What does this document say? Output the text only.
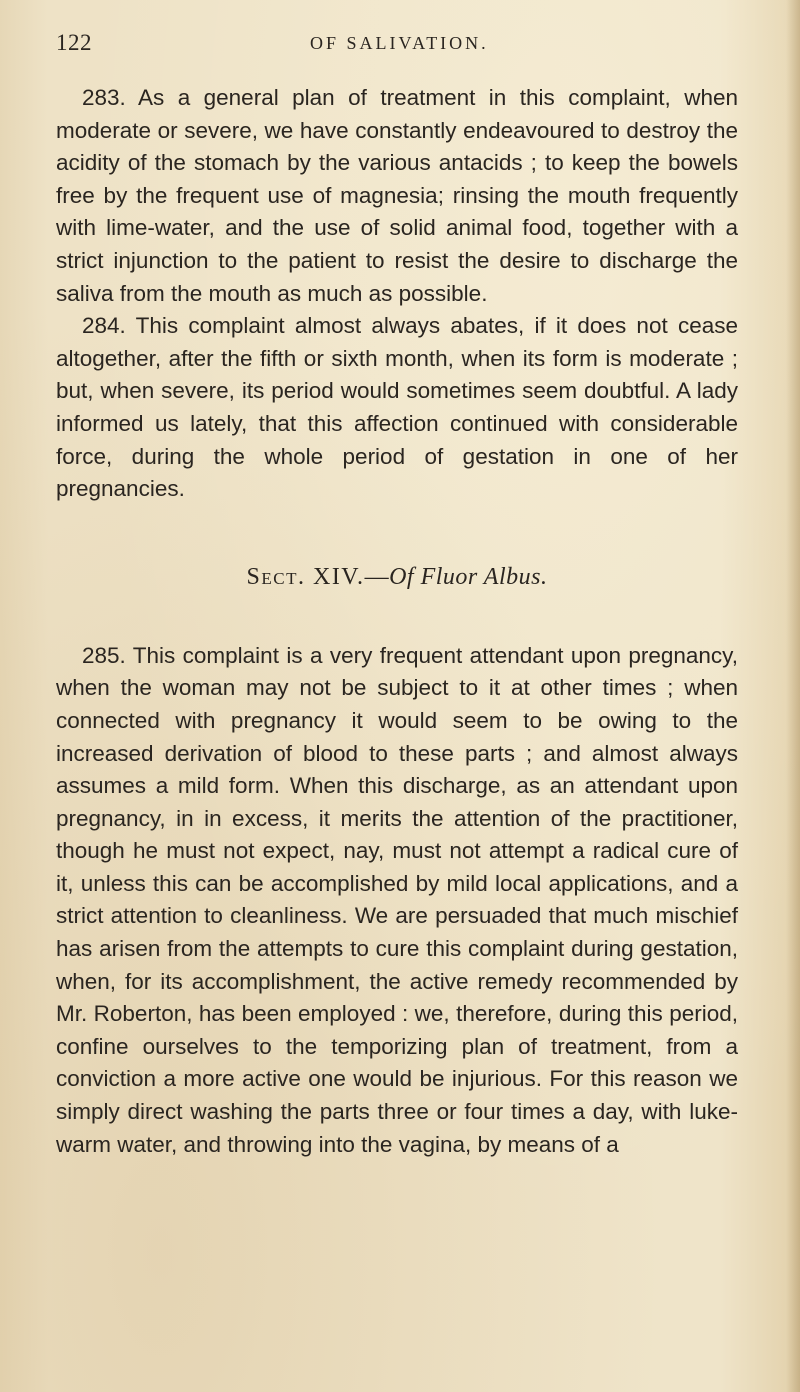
122	OF SALIVATION.

283. As a general plan of treatment in this complaint, when moderate or severe, we have constantly endeavoured to destroy the acidity of the stomach by the various antacids ; to keep the bowels free by the frequent use of magnesia; rinsing the mouth frequently with lime-water, and the use of solid animal food, together with a strict injunction to the patient to resist the desire to discharge the saliva from the mouth as much as possible.

284. This complaint almost always abates, if it does not cease altogether, after the fifth or sixth month, when its form is moderate ; but, when severe, its period would sometimes seem doubtful. A lady informed us lately, that this affection continued with considerable force, during the whole period of gestation in one of her pregnancies.

Sect. XIV.—Of Fluor Albus.

285. This complaint is a very frequent attendant upon pregnancy, when the woman may not be subject to it at other times ; when connected with pregnancy it would seem to be owing to the increased derivation of blood to these parts ; and almost always assumes a mild form. When this discharge, as an attendant upon pregnancy, in in excess, it merits the attention of the practitioner, though he must not expect, nay, must not attempt a radical cure of it, unless this can be accomplished by mild local applications, and a strict attention to cleanliness. We are persuaded that much mischief has arisen from the attempts to cure this complaint during gestation, when, for its accomplishment, the active remedy recommended by Mr. Roberton, has been employed : we, therefore, during this period, confine ourselves to the temporizing plan of treatment, from a conviction a more active one would be injurious. For this reason we simply direct washing the parts three or four times a day, with luke-warm water, and throwing into the vagina, by means of a
